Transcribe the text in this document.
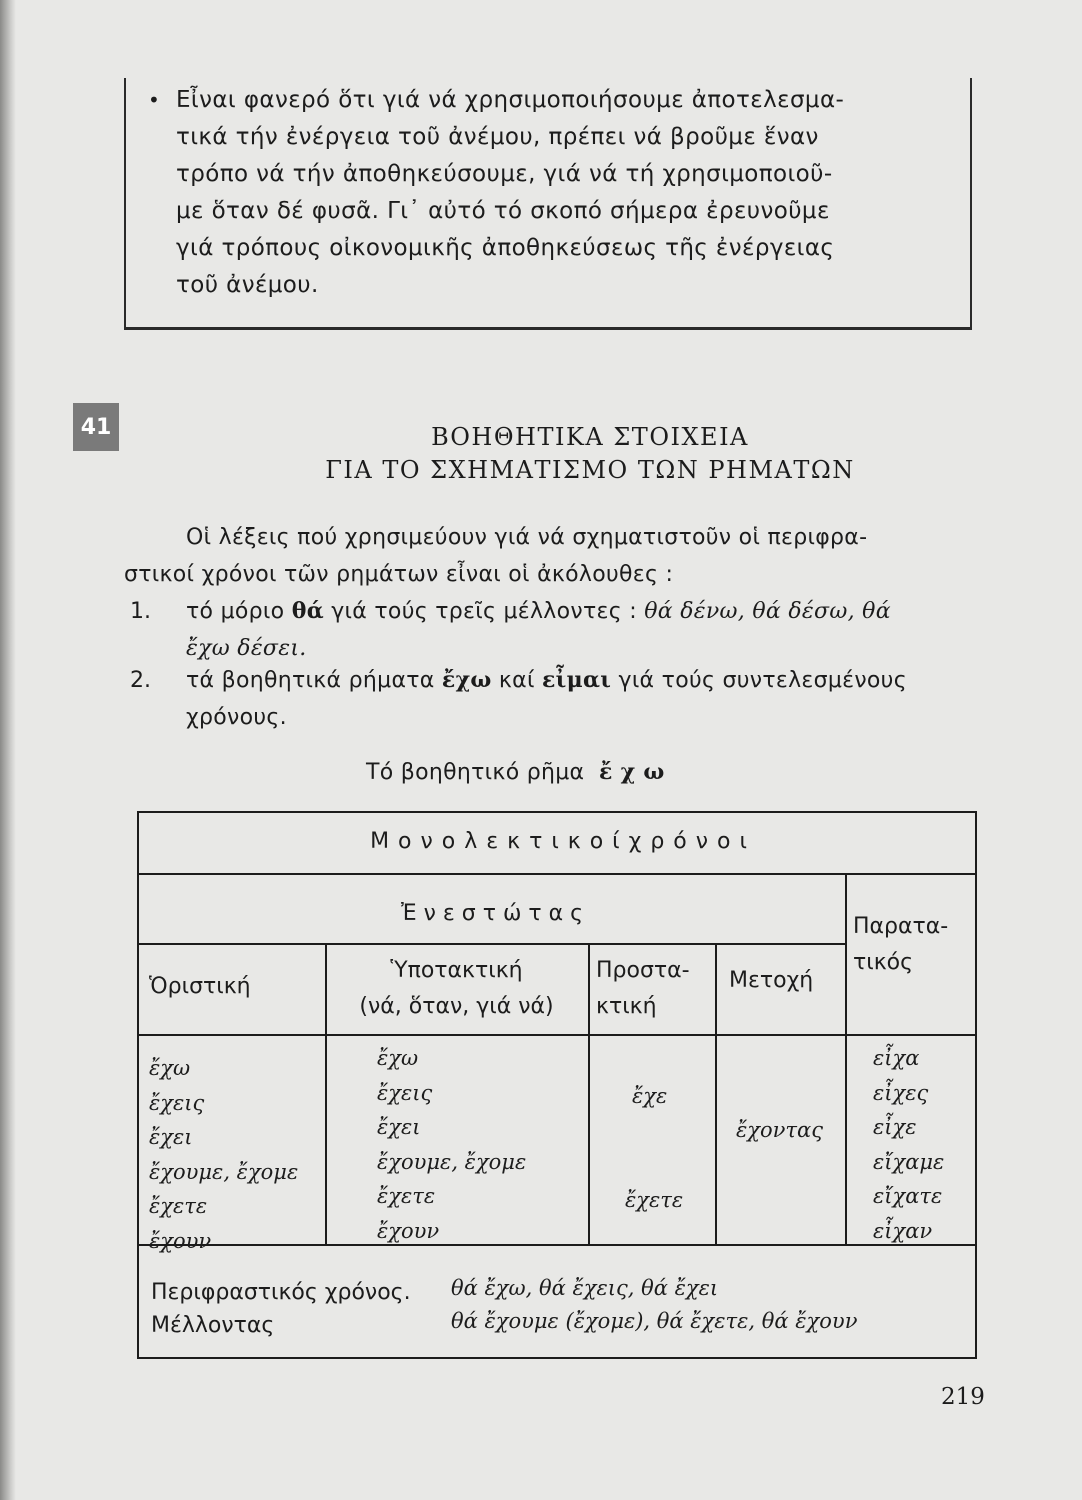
• Εἶναι φανερό ὅτι γιά νά χρησιμοποιήσουμε ἀποτελεσμα-
τικά τήν ἐνέργεια τοῦ ἀνέμου, πρέπει νά βροῦμε ἕναν
τρόπο νά τήν ἀποθηκεύσουμε, γιά νά τή χρησιμοποιοῦ-
με ὅταν δέ φυσᾶ. Γι᾽ αὐτό τό σκοπό σήμερα ἐρευνοῦμε
γιά τρόπους οἰκονομικῆς ἀποθηκεύσεως τῆς ἐνέργειας
τοῦ ἀνέμου.
41	ΒΟΗΘΗΤΙΚΑ ΣΤΟΙΧΕΙΑ
ΓΙΑ ΤΟ ΣΧΗΜΑΤΙΣΜΟ ΤΩΝ ΡΗΜΑΤΩΝ
Οἱ λέξεις πού χρησιμεύουν γιά νά σχηματιστοῦν οἱ περιφρα-
στικοί χρόνοι τῶν ρημάτων εἶναι οἱ ἀκόλουθες :
1. τό μόριο θά γιά τούς τρεῖς μέλλοντες : θά δένω, θά δέσω, θά
ἔχω δέσει.
2. τά βοηθητικά ρήματα ἔχω καί εἶμαι γιά τούς συντελεσμένους
χρόνους.
Τό βοηθητικό ρῆμα ἔ χ ω
Μ ο ν ο λ ε κ τ ι κ ο ί χ ρ ό ν ο ι
Ἐ ν ε σ τ ώ τ α ς
Παρατα-
τικός
Ὁριστική
Ὑποτακτική
(νά, ὅταν, γιά νά)
Προστα-
κτική
Μετοχή
ἔχω
ἔχεις
ἔχει
ἔχουμε, ἔχομε
ἔχετε
ἔχουν
ἔχω
ἔχεις
ἔχει
ἔχουμε, ἔχομε
ἔχετε
ἔχουν
ἔχε
ἔχετε
ἔχοντας
εἶχα
εἶχες
εἶχε
εἴχαμε
εἴχατε
εἶχαν
Περιφραστικός χρόνος.
Μέλλοντας
θά ἔχω, θά ἔχεις, θά ἔχει
θά ἔχουμε (ἔχομε), θά ἔχετε, θά ἔχουν
219
